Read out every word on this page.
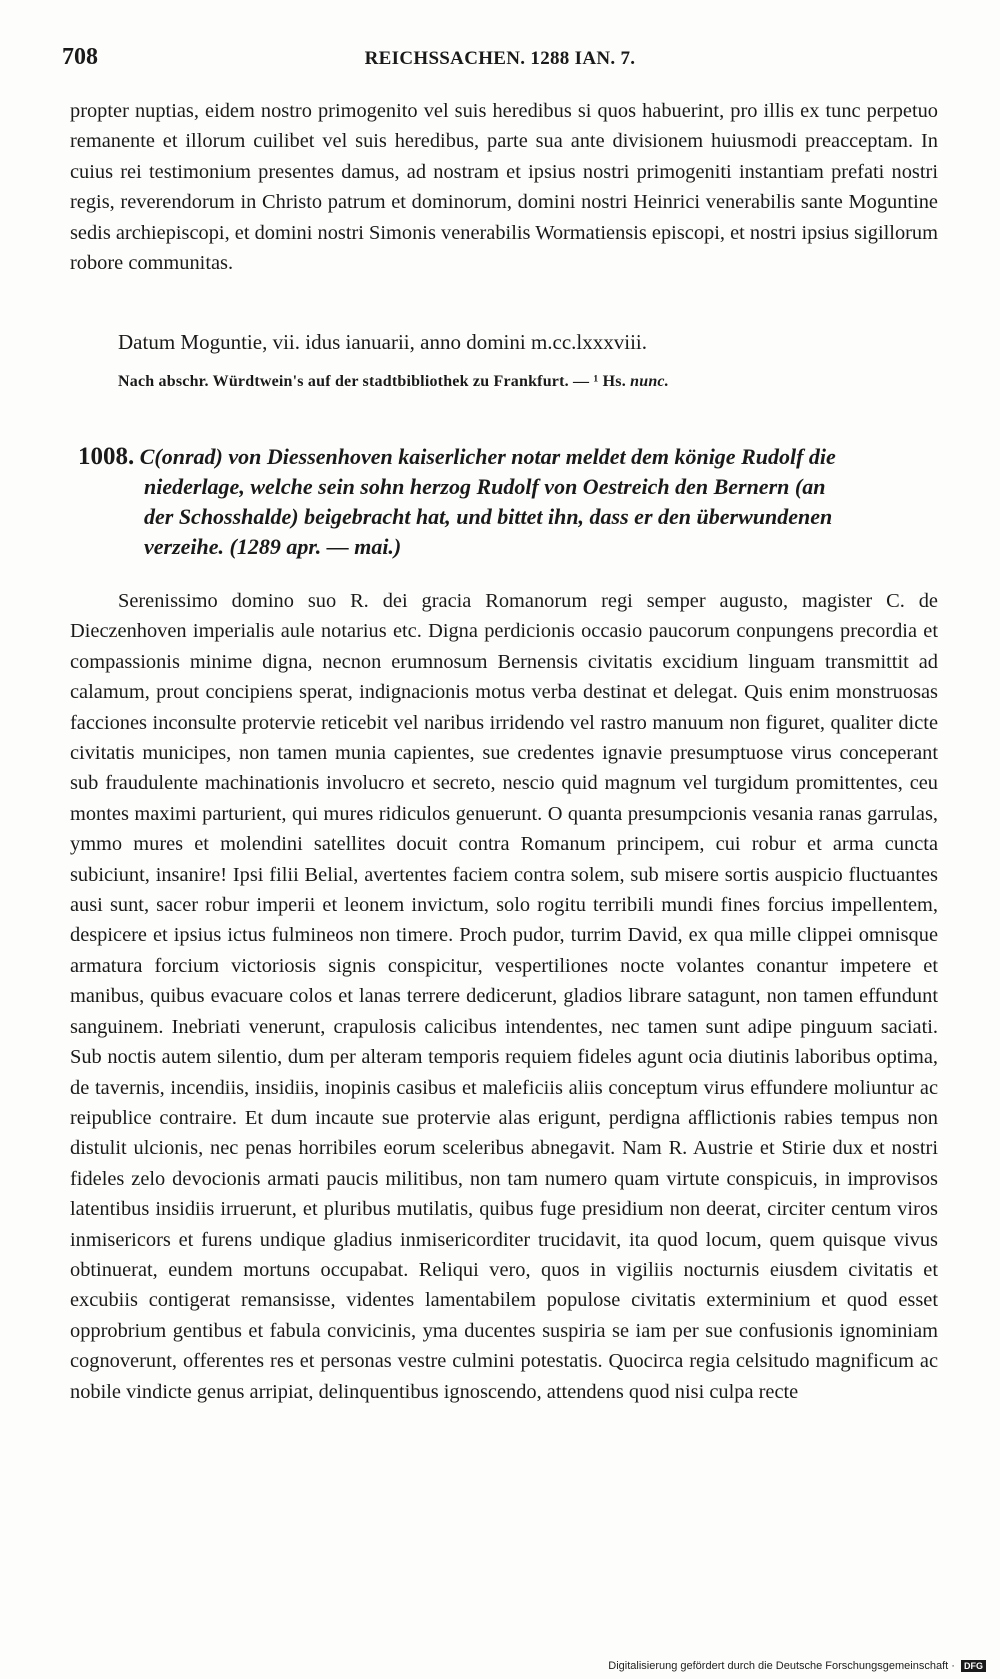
708	REICHSSACHEN. 1288 IAN. 7.

propter nuptias, eidem nostro primogenito vel suis heredibus si quos habuerint, pro illis ex tunc perpetuo remanente et illorum cuilibet vel suis heredibus, parte sua ante divisionem huiusmodi preacceptam. In cuius rei testimonium presentes damus, ad nostram et ipsius nostri primogeniti instantiam prefati nostri regis, reverendorum in Christo patrum et dominorum, domini nostri Heinrici venerabilis sante Moguntine sedis archiepiscopi, et domini nostri Simonis venerabilis Wormatiensis episcopi, et nostri ipsius sigillorum robore communitas.

Datum Moguntie, vii. idus ianuarii, anno domini m.cc.lxxxviii.
Nach abschr. Würdtwein's auf der stadtbibliothek zu Frankfurt. — ¹ Hs. nunc.
1008. C(onrad) von Diessenhoven kaiserlicher notar meldet dem könige Rudolf die
niederlage, welche sein sohn herzog Rudolf von Oestreich den Bernern (an
der Schosshalde) beigebracht hat, und bittet ihn, dass er den überwundenen
verzeihe. (1289 apr. — mai.)

Serenissimo domino suo R. dei gracia Romanorum regi semper augusto, magister C. de Dieczenhoven imperialis aule notarius etc. Digna perdicionis occasio paucorum conpungens precordia et compassionis minime digna, necnon erumnosum Bernensis civitatis excidium linguam transmittit ad calamum, prout concipiens sperat, indignacionis motus verba destinat et delegat. Quis enim monstruosas facciones inconsulte protervie reticebit vel naribus irridendo vel rastro manuum non figuret, qualiter dicte civitatis municipes, non tamen munia capientes, sue credentes ignavie presumptuose virus conceperant sub fraudulente machinationis involucro et secreto, nescio quid magnum vel turgidum promittentes, ceu montes maximi parturient, qui mures ridiculos genuerunt. O quanta presumpcionis vesania ranas garrulas, ymmo mures et molendini satellites docuit contra Romanum principem, cui robur et arma cuncta subiciunt, insanire! Ipsi filii Belial, avertentes faciem contra solem, sub misere sortis auspicio fluctuantes ausi sunt, sacer robur imperii et leonem invictum, solo rogitu terribili mundi fines forcius impellentem, despicere et ipsius ictus fulmineos non timere. Proch pudor, turrim David, ex qua mille clippei omnisque armatura forcium victoriosis signis conspicitur, vespertiliones nocte volantes conantur impetere et manibus, quibus evacuare colos et lanas terrere dedicerunt, gladios librare satagunt, non tamen effundunt sanguinem. Inebriati venerunt, crapulosis calicibus intendentes, nec tamen sunt adipe pinguum saciati. Sub noctis autem silentio, dum per alteram temporis requiem fideles agunt ocia diutinis laboribus optima, de tavernis, incendiis, insidiis, inopinis casibus et maleficiis aliis conceptum virus effundere moliuntur ac reipublice contraire. Et dum incaute sue protervie alas erigunt, perdigna afflictionis rabies tempus non distulit ulcionis, nec penas horribiles eorum sceleribus abnegavit. Nam R. Austrie et Stirie dux et nostri fideles zelo devocionis armati paucis militibus, non tam numero quam virtute conspicuis, in improvisos latentibus insidiis irruerunt, et pluribus mutilatis, quibus fuge presidium non deerat, circiter centum viros inmisericors et furens undique gladius inmisericorditer trucidavit, ita quod locum, quem quisque vivus obtinuerat, eundem mortuns occupabat. Reliqui vero, quos in vigiliis nocturnis eiusdem civitatis et excubiis contigerat remansisse, videntes lamentabilem populose civitatis exterminium et quod esset opprobrium gentibus et fabula convicinis, yma ducentes suspiria se iam per sue confusionis ignominiam cognoverunt, offerentes res et personas vestre culmini potestatis. Quocirca regia celsitudo magnificum ac nobile vindicte genus arripiat, delinquentibus ignoscendo, attendens quod nisi culpa recte

Digitalisierung gefördert durch die Deutsche Forschungsgemeinschaft · DFG
